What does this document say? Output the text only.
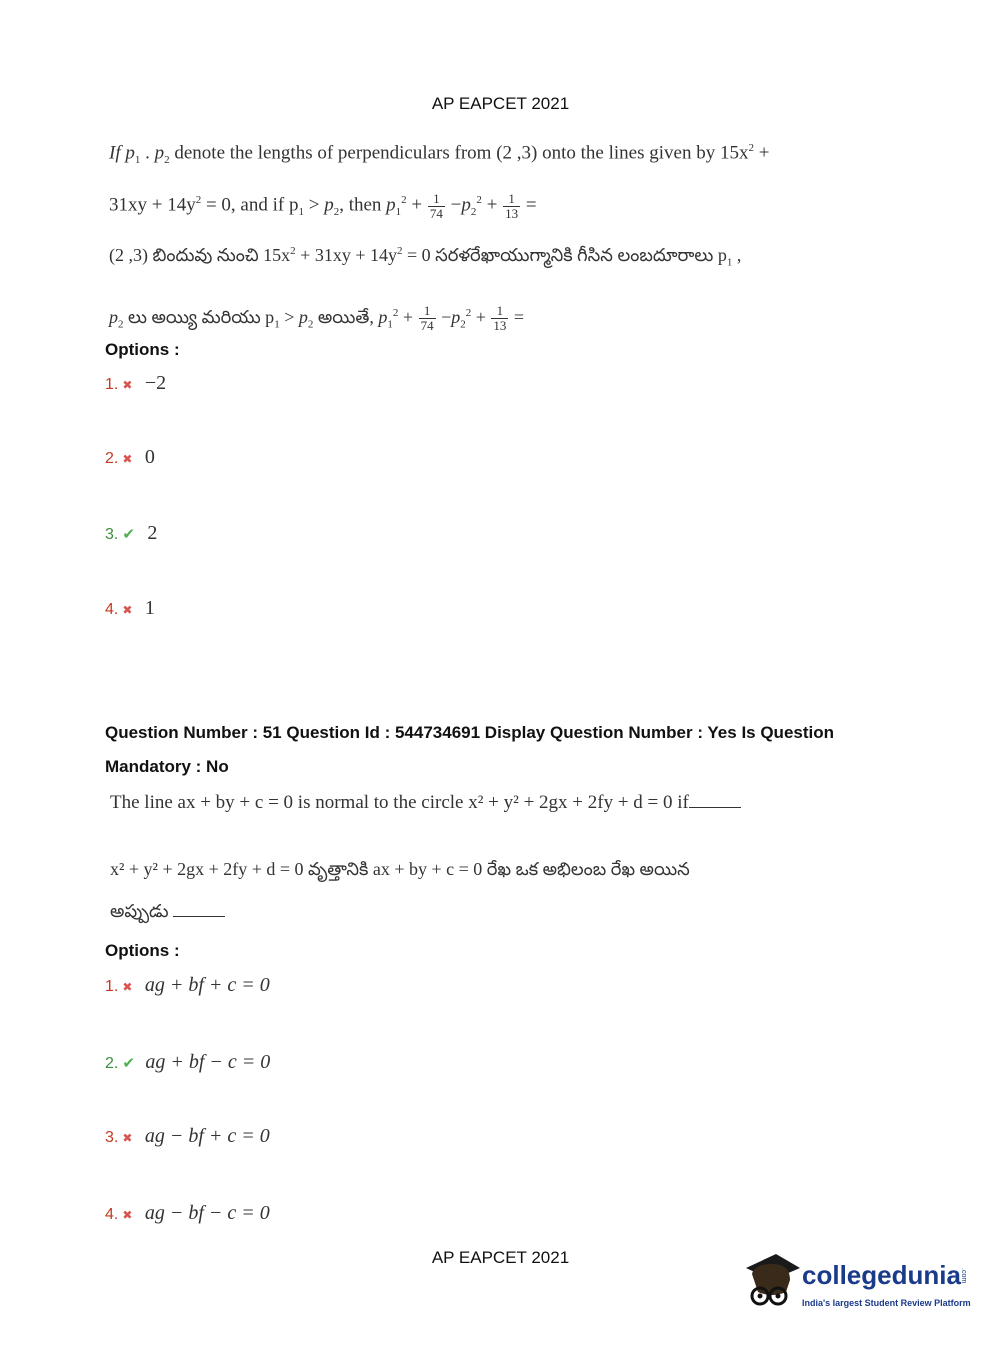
AP EAPCET 2021
If $p_1$ . $p_2$ denote the lengths of perpendiculars from (2 ,3) onto the lines given by $15x^2$ +
$31xy + 14y^2 = 0$, and if $p_1 > p_2$, then $p_1^2 + \frac{1}{74} -p_2^2 + \frac{1}{13}$ =
(2 ,3) బిందువు నుంచి $15x^2 + 31xy + 14y^2 = 0$ సరళరేఖాయుగ్మానికి గీసిన లంబదూరాలు $p_1$ ,
$p_2$ లు అయ్యి మరియు $p_1 > p_2$ అయితే, $p_1^2 + \frac{1}{74} -p_2^2 + \frac{1}{13}$ =
Options :
1. ✖ −2
2. ✖ 0
3. ✔ 2
4. ✖ 1
Question Number : 51 Question Id : 544734691 Display Question Number : Yes Is Question
Mandatory : No
The line ax + by + c = 0 is normal to the circle x² + y² + 2gx + 2fy + d = 0 if
x² + y² + 2gx + 2fy + d = 0 వృత్తానికి ax + by + c = 0 రేఖ ఒక అభిలంబ రేఖ అయిన
అప్పుడు
Options :
1. ✖ ag + bf + c = 0
2. ✔ ag + bf − c = 0
3. ✖ ag − bf + c = 0
4. ✖ ag − bf − c = 0
AP EAPCET 2021
collegedunia .com
India's largest Student Review Platform
